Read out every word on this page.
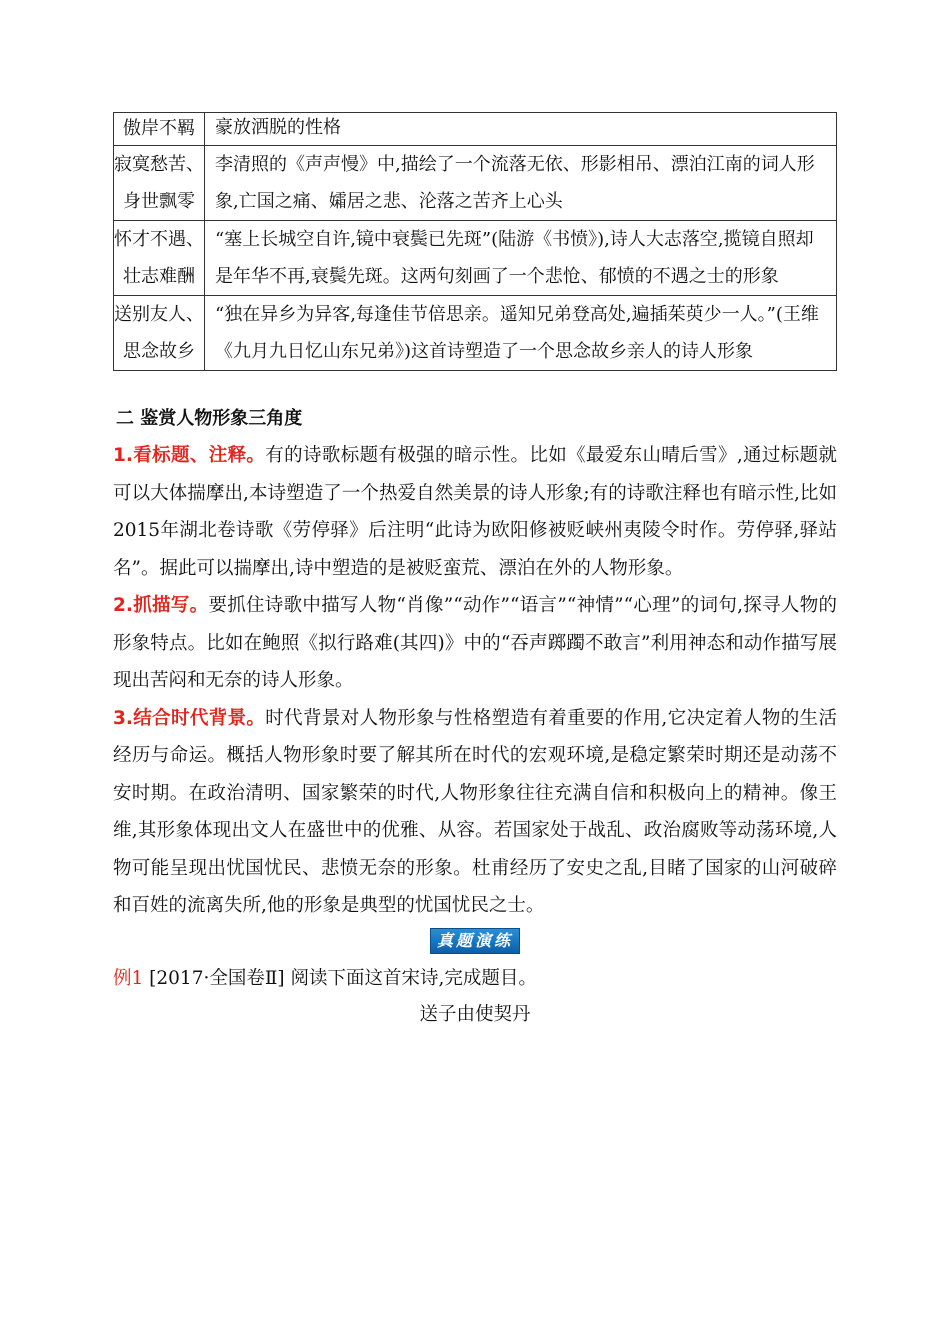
傲岸不羁	豪放洒脱的性格
寂寞愁苦、身世飘零	李清照的《声声慢》中,描绘了一个流落无依、形影相吊、漂泊江南的词人形象,亡国之痛、孀居之悲、沦落之苦齐上心头
怀才不遇、壮志难酬	“塞上长城空自许,镜中衰鬓已先斑”(陆游《书愤》),诗人大志落空,揽镜自照却是年华不再,衰鬓先斑。这两句刻画了一个悲怆、郁愤的不遇之士的形象
送别友人、思念故乡	“独在异乡为异客,每逢佳节倍思亲。遥知兄弟登高处,遍插茱萸少一人。”(王维《九月九日忆山东兄弟》)这首诗塑造了一个思念故乡亲人的诗人形象
二 鉴赏人物形象三角度

1.看标题、注释。有的诗歌标题有极强的暗示性。比如《最爱东山晴后雪》,通过标题就可以大体揣摩出,本诗塑造了一个热爱自然美景的诗人形象;有的诗歌注释也有暗示性,比如2015年湖北卷诗歌《劳停驿》后注明“此诗为欧阳修被贬峡州夷陵令时作。劳停驿,驿站名”。据此可以揣摩出,诗中塑造的是被贬蛮荒、漂泊在外的人物形象。

2.抓描写。要抓住诗歌中描写人物“肖像”“动作”“语言”“神情”“心理”的词句,探寻人物的形象特点。比如在鲍照《拟行路难(其四)》中的“吞声踯躅不敢言”利用神态和动作描写展现出苦闷和无奈的诗人形象。

3.结合时代背景。时代背景对人物形象与性格塑造有着重要的作用,它决定着人物的生活经历与命运。概括人物形象时要了解其所在时代的宏观环境,是稳定繁荣时期还是动荡不安时期。在政治清明、国家繁荣的时代,人物形象往往充满自信和积极向上的精神。像王维,其形象体现出文人在盛世中的优雅、从容。若国家处于战乱、政治腐败等动荡环境,人物可能呈现出忧国忧民、悲愤无奈的形象。杜甫经历了安史之乱,目睹了国家的山河破碎和百姓的流离失所,他的形象是典型的忧国忧民之士。

真题演练

例1 [2017·全国卷Ⅱ] 阅读下面这首宋诗,完成题目。

送子由使契丹
